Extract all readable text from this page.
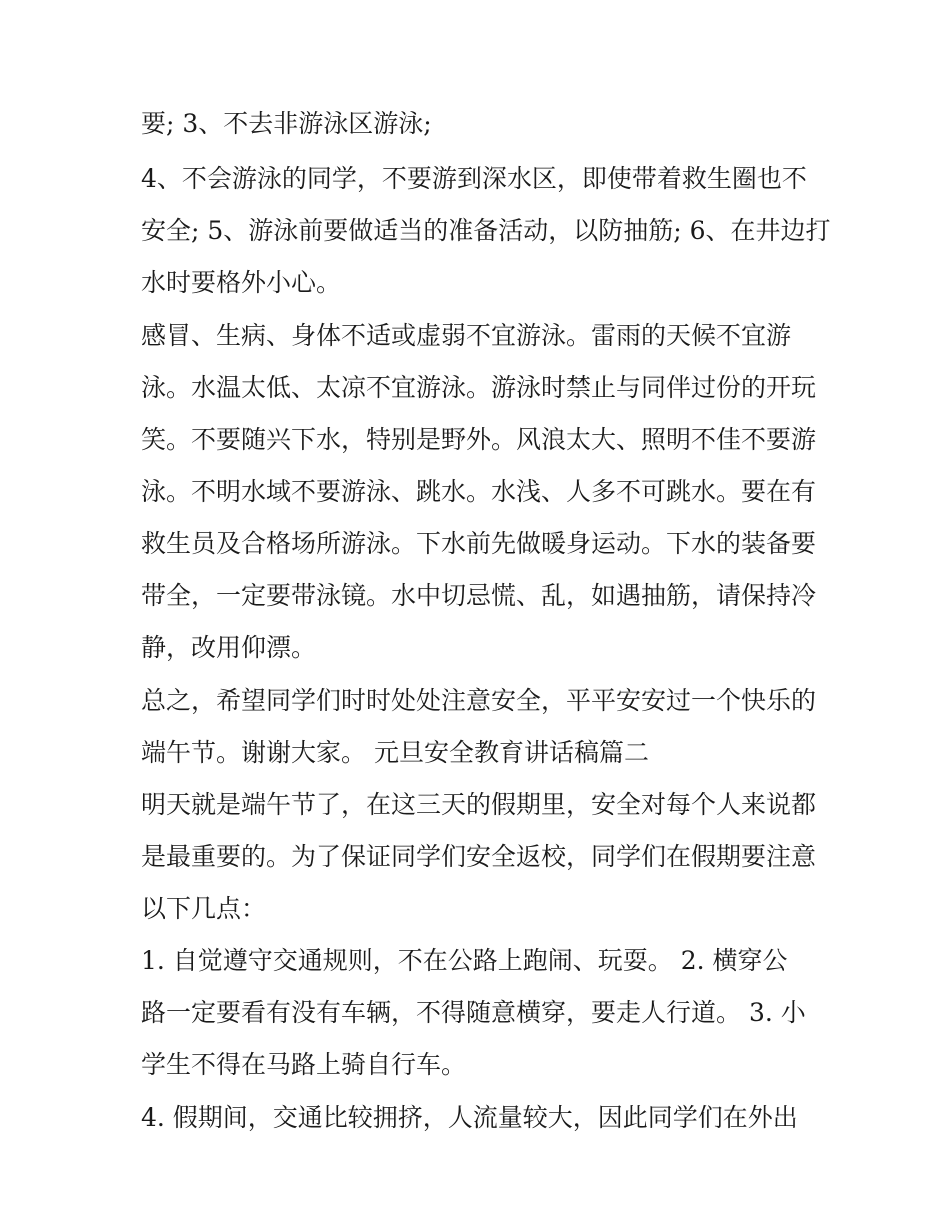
要; 3、不去非游泳区游泳;
4、不会游泳的同学，不要游到深水区，即使带着救生圈也不
安全; 5、游泳前要做适当的准备活动，以防抽筋; 6、在井边打
水时要格外小心。
感冒、生病、身体不适或虚弱不宜游泳。雷雨的天候不宜游
泳。水温太低、太凉不宜游泳。游泳时禁止与同伴过份的开玩
笑。不要随兴下水，特别是野外。风浪太大、照明不佳不要游
泳。不明水域不要游泳、跳水。水浅、人多不可跳水。要在有
救生员及合格场所游泳。下水前先做暖身运动。下水的装备要
带全，一定要带泳镜。水中切忌慌、乱，如遇抽筋，请保持冷
静，改用仰漂。
总之，希望同学们时时处处注意安全，平平安安过一个快乐的
端午节。谢谢大家。 元旦安全教育讲话稿篇二
明天就是端午节了，在这三天的假期里，安全对每个人来说都
是最重要的。为了保证同学们安全返校，同学们在假期要注意
以下几点：
1. 自觉遵守交通规则，不在公路上跑闹、玩耍。 2. 横穿公
路一定要看有没有车辆，不得随意横穿，要走人行道。 3. 小
学生不得在马路上骑自行车。
4. 假期间，交通比较拥挤，人流量较大，因此同学们在外出
